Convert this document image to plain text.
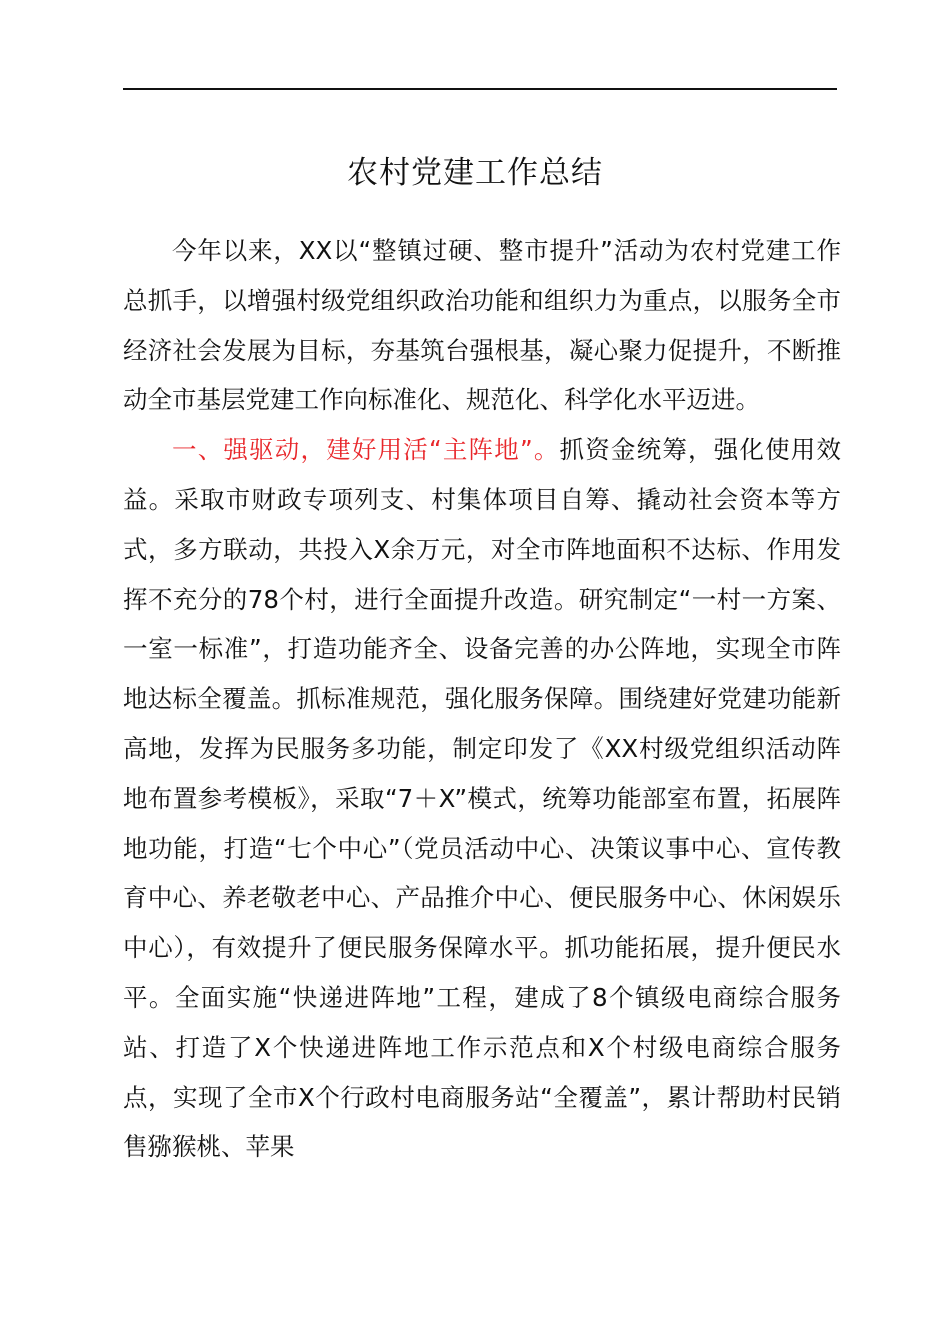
农村党建工作总结

今年以来，XX以“整镇过硬、整市提升”活动为农村党建工作总抓手，以增强村级党组织政治功能和组织力为重点，以服务全市经济社会发展为目标，夯基筑台强根基，凝心聚力促提升，不断推动全市基层党建工作向标准化、规范化、科学化水平迈进。

一、强驱动，建好用活“主阵地”。抓资金统筹，强化使用效益。采取市财政专项列支、村集体项目自筹、撬动社会资本等方式，多方联动，共投入X余万元，对全市阵地面积不达标、作用发挥不充分的78个村，进行全面提升改造。研究制定“一村一方案、一室一标准”，打造功能齐全、设备完善的办公阵地，实现全市阵地达标全覆盖。抓标准规范，强化服务保障。围绕建好党建功能新高地，发挥为民服务多功能，制定印发了《XX村级党组织活动阵地布置参考模板》，采取“7＋X”模式，统筹功能部室布置，拓展阵地功能，打造“七个中心”（党员活动中心、决策议事中心、宣传教育中心、养老敬老中心、产品推介中心、便民服务中心、休闲娱乐中心），有效提升了便民服务保障水平。抓功能拓展，提升便民水平。全面实施“快递进阵地”工程，建成了8个镇级电商综合服务站、打造了X个快递进阵地工作示范点和X个村级电商综合服务点，实现了全市X个行政村电商服务站“全覆盖”，累计帮助村民销售猕猴桃、苹果
